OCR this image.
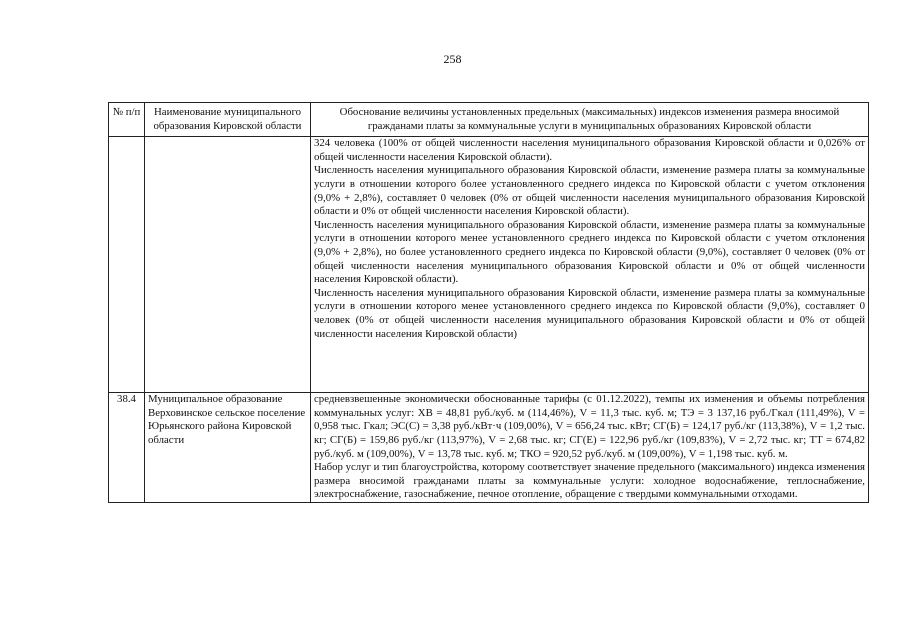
258
№ п/п	Наименование муниципального образования Кировской области	Обоснование величины установленных предельных (максимальных) индексов изменения размера вносимой гражданами платы за коммунальные услуги в муниципальных образованиях Кировской области

		324 человека (100% от общей численности населения муниципального образования Кировской области и 0,026% от общей численности населения Кировской области).

Численность населения муниципального образования Кировской области, изменение размера платы за коммунальные услуги в отношении которого более установленного среднего индекса по Кировской области с учетом отклонения (9,0% + 2,8%), составляет 0 человек (0% от общей численности населения муниципального образования Кировской области и 0% от общей численности населения Кировской области).

Численность населения муниципального образования Кировской области, изменение размера платы за коммунальные услуги в отношении которого менее установленного среднего индекса по Кировской области с учетом отклонения (9,0% + 2,8%), но более установленного среднего индекса по Кировской области (9,0%), составляет 0 человек (0% от общей численности населения муниципального образования Кировской области и 0% от общей численности населения Кировской области).

Численность населения муниципального образования Кировской области, изменение размера платы за коммунальные услуги в отношении которого менее установленного среднего индекса по Кировской области (9,0%), составляет 0 человек (0% от общей численности населения муниципального образования Кировской области и 0% от общей численности населения Кировской области)

38.4	Муниципальное образование Верховинское сельское поселение Юрьянского района Кировской области	средневзвешенные экономически обоснованные тарифы (с 01.12.2022), темпы их изменения и объемы потребления коммунальных услуг: ХВ = 48,81 руб./куб. м (114,46%), V = 11,3 тыс. куб. м; ТЭ = 3 137,16 руб./Гкал (111,49%), V = 0,958 тыс. Гкал; ЭС(С) = 3,38 руб./кВт·ч (109,00%), V = 656,24 тыс. кВт; СГ(Б) = 124,17 руб./кг (113,38%), V = 1,2 тыс. кг; СГ(Б) = 159,86 руб./кг (113,97%), V = 2,68 тыс. кг; СГ(Е) = 122,96 руб./кг (109,83%), V = 2,72 тыс. кг; ТТ = 674,82 руб./куб. м (109,00%), V = 13,78 тыс. куб. м; ТКО = 920,52 руб./куб. м (109,00%), V = 1,198 тыс. куб. м.

Набор услуг и тип благоустройства, которому соответствует значение предельного (максимального) индекса изменения размера вносимой гражданами платы за коммунальные услуги: холодное водоснабжение, теплоснабжение, электроснабжение, газоснабжение, печное отопление, обращение с твердыми коммунальными отходами.
